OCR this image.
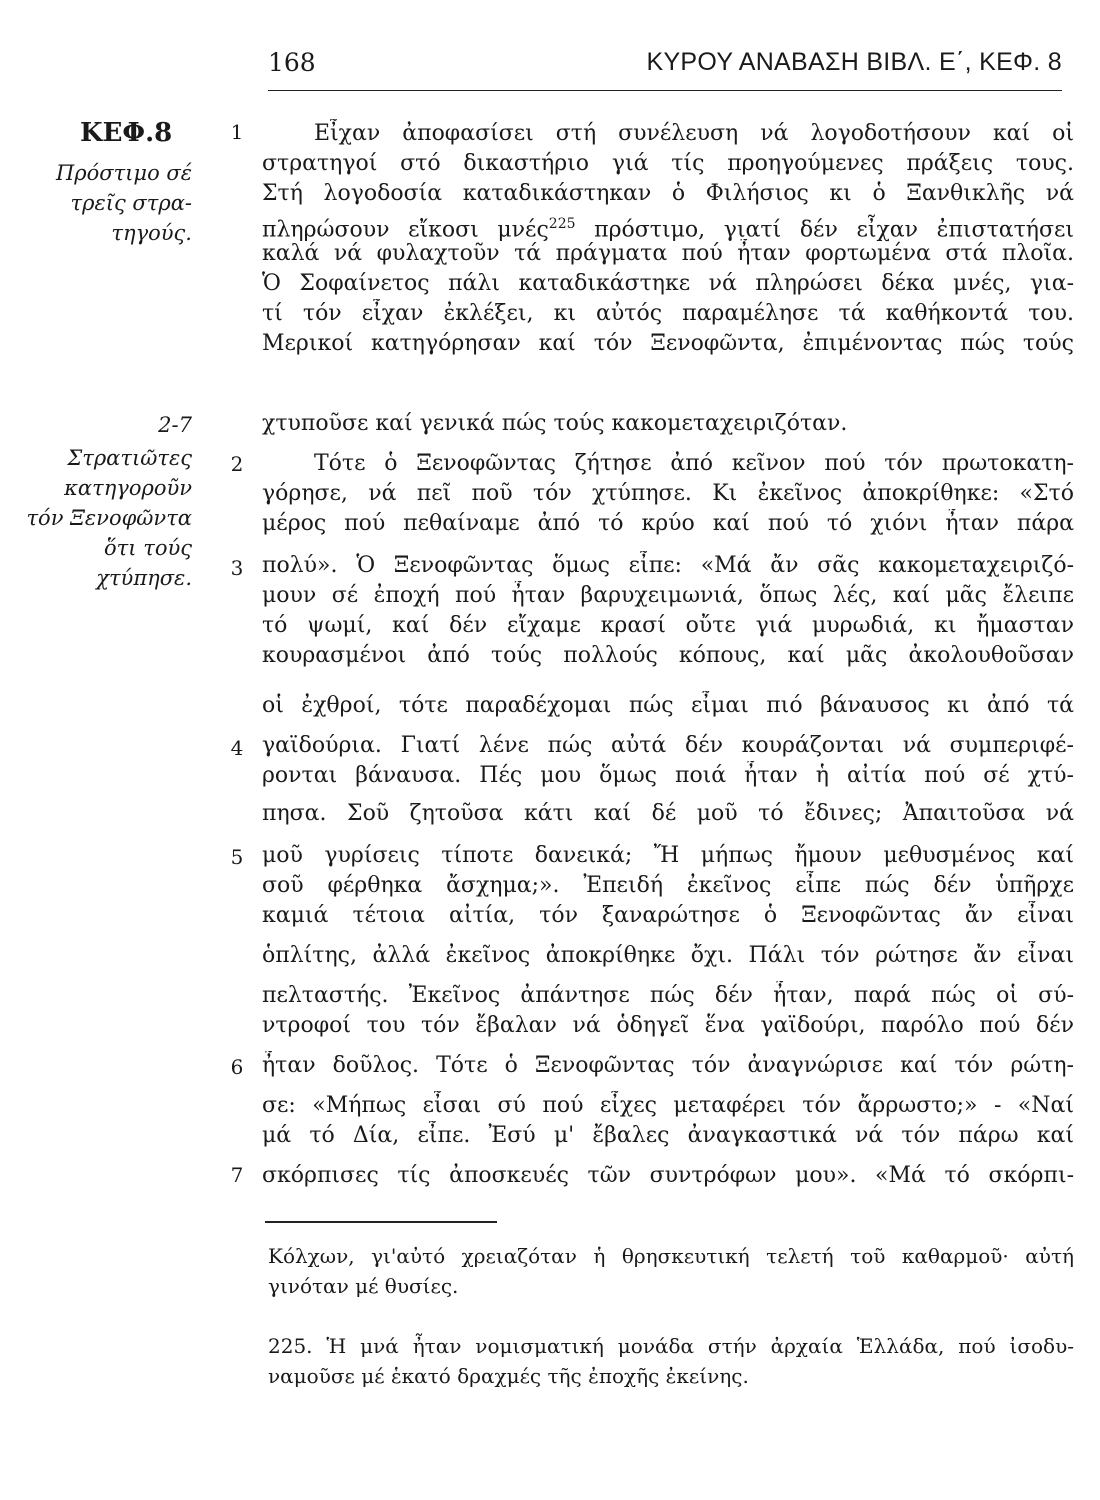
168	ΚΥΡΟΥ ΑΝΑΒΑΣΗ ΒΙΒΛ. Ε΄, ΚΕΦ. 8
ΚΕΦ.8
Πρόστιμο σέ
τρεῖς στρα-
τηγούς.
2-7
Στρατιῶτες
κατηγοροῦν
τόν Ξενοφῶντα
ὅτι τούς
χτύπησε.
1
2
3
4
5
6
7
Εἶχαν ἀποφασίσει στή συνέλευση νά λογοδοτήσουν καί οἱ
στρατηγοί στό δικαστήριο γιά τίς προηγούμενες πράξεις τους.
Στή λογοδοσία καταδικάστηκαν ὁ Φιλήσιος κι ὁ Ξανθικλῆς νά
πληρώσουν εἴκοσι μνές$^{225}$ πρόστιμο, γιατί δέν εἶχαν ἐπιστατήσει
καλά νά φυλαχτοῦν τά πράγματα πού ἦταν φορτωμένα στά πλοῖα.
Ὁ Σοφαίνετος πάλι καταδικάστηκε νά πληρώσει δέκα μνές, για-
τί τόν εἶχαν ἐκλέξει, κι αὐτός παραμέλησε τά καθήκοντά του.
Μερικοί κατηγόρησαν καί τόν Ξενοφῶντα, ἐπιμένοντας πώς τούς
χτυποῦσε καί γενικά πώς τούς κακομεταχειριζόταν.
Τότε ὁ Ξενοφῶντας ζήτησε ἀπό κεῖνον πού τόν πρωτοκατη-
γόρησε, νά πεῖ ποῦ τόν χτύπησε. Κι ἐκεῖνος ἀποκρίθηκε: «Στό
μέρος πού πεθαίναμε ἀπό τό κρύο καί πού τό χιόνι ἦταν πάρα
πολύ». Ὁ Ξενοφῶντας ὅμως εἶπε: «Μά ἄν σᾶς κακομεταχειριζό-
μουν σέ ἐποχή πού ἦταν βαρυχειμωνιά, ὅπως λές, καί μᾶς ἔλειπε
τό ψωμί, καί δέν εἴχαμε κρασί οὔτε γιά μυρωδιά, κι ἤμασταν
κουρασμένοι ἀπό τούς πολλούς κόπους, καί μᾶς ἀκολουθοῦσαν
οἱ ἐχθροί, τότε παραδέχομαι πώς εἶμαι πιό βάναυσος κι ἀπό τά
γαϊδούρια. Γιατί λένε πώς αὐτά δέν κουράζονται νά συμπεριφέ-
ρονται βάναυσα. Πές μου ὅμως ποιά ἦταν ἡ αἰτία πού σέ χτύ-
πησα. Σοῦ ζητοῦσα κάτι καί δέ μοῦ τό ἔδινες; Ἀπαιτοῦσα νά
μοῦ γυρίσεις τίποτε δανεικά; Ἤ μήπως ἤμουν μεθυσμένος καί
σοῦ φέρθηκα ἄσχημα;». Ἐπειδή ἐκεῖνος εἶπε πώς δέν ὑπῆρχε
καμιά τέτοια αἰτία, τόν ξαναρώτησε ὁ Ξενοφῶντας ἄν εἶναι
ὁπλίτης, ἀλλά ἐκεῖνος ἀποκρίθηκε ὄχι. Πάλι τόν ρώτησε ἄν εἶναι
πελταστής. Ἐκεῖνος ἀπάντησε πώς δέν ἦταν, παρά πώς οἱ σύ-
ντροφοί του τόν ἔβαλαν νά ὁδηγεῖ ἕνα γαϊδούρι, παρόλο πού δέν
ἦταν δοῦλος. Τότε ὁ Ξενοφῶντας τόν ἀναγνώρισε καί τόν ρώτη-
σε: «Μήπως εἶσαι σύ πού εἶχες μεταφέρει τόν ἄρρωστο;» - «Ναί
μά τό Δία, εἶπε. Ἐσύ μ' ἔβαλες ἀναγκαστικά νά τόν πάρω καί
σκόρπισες τίς ἀποσκευές τῶν συντρόφων μου». «Μά τό σκόρπι-
Κόλχων, γι'αὐτό χρειαζόταν ἡ θρησκευτική τελετή τοῦ καθαρμοῦ· αὐτή
γινόταν μέ θυσίες.
225. Ἡ μνά ἦταν νομισματική μονάδα στήν ἀρχαία Ἑλλάδα, πού ἰσοδυ-
ναμοῦσε μέ ἑκατό δραχμές τῆς ἐποχῆς ἐκείνης.
